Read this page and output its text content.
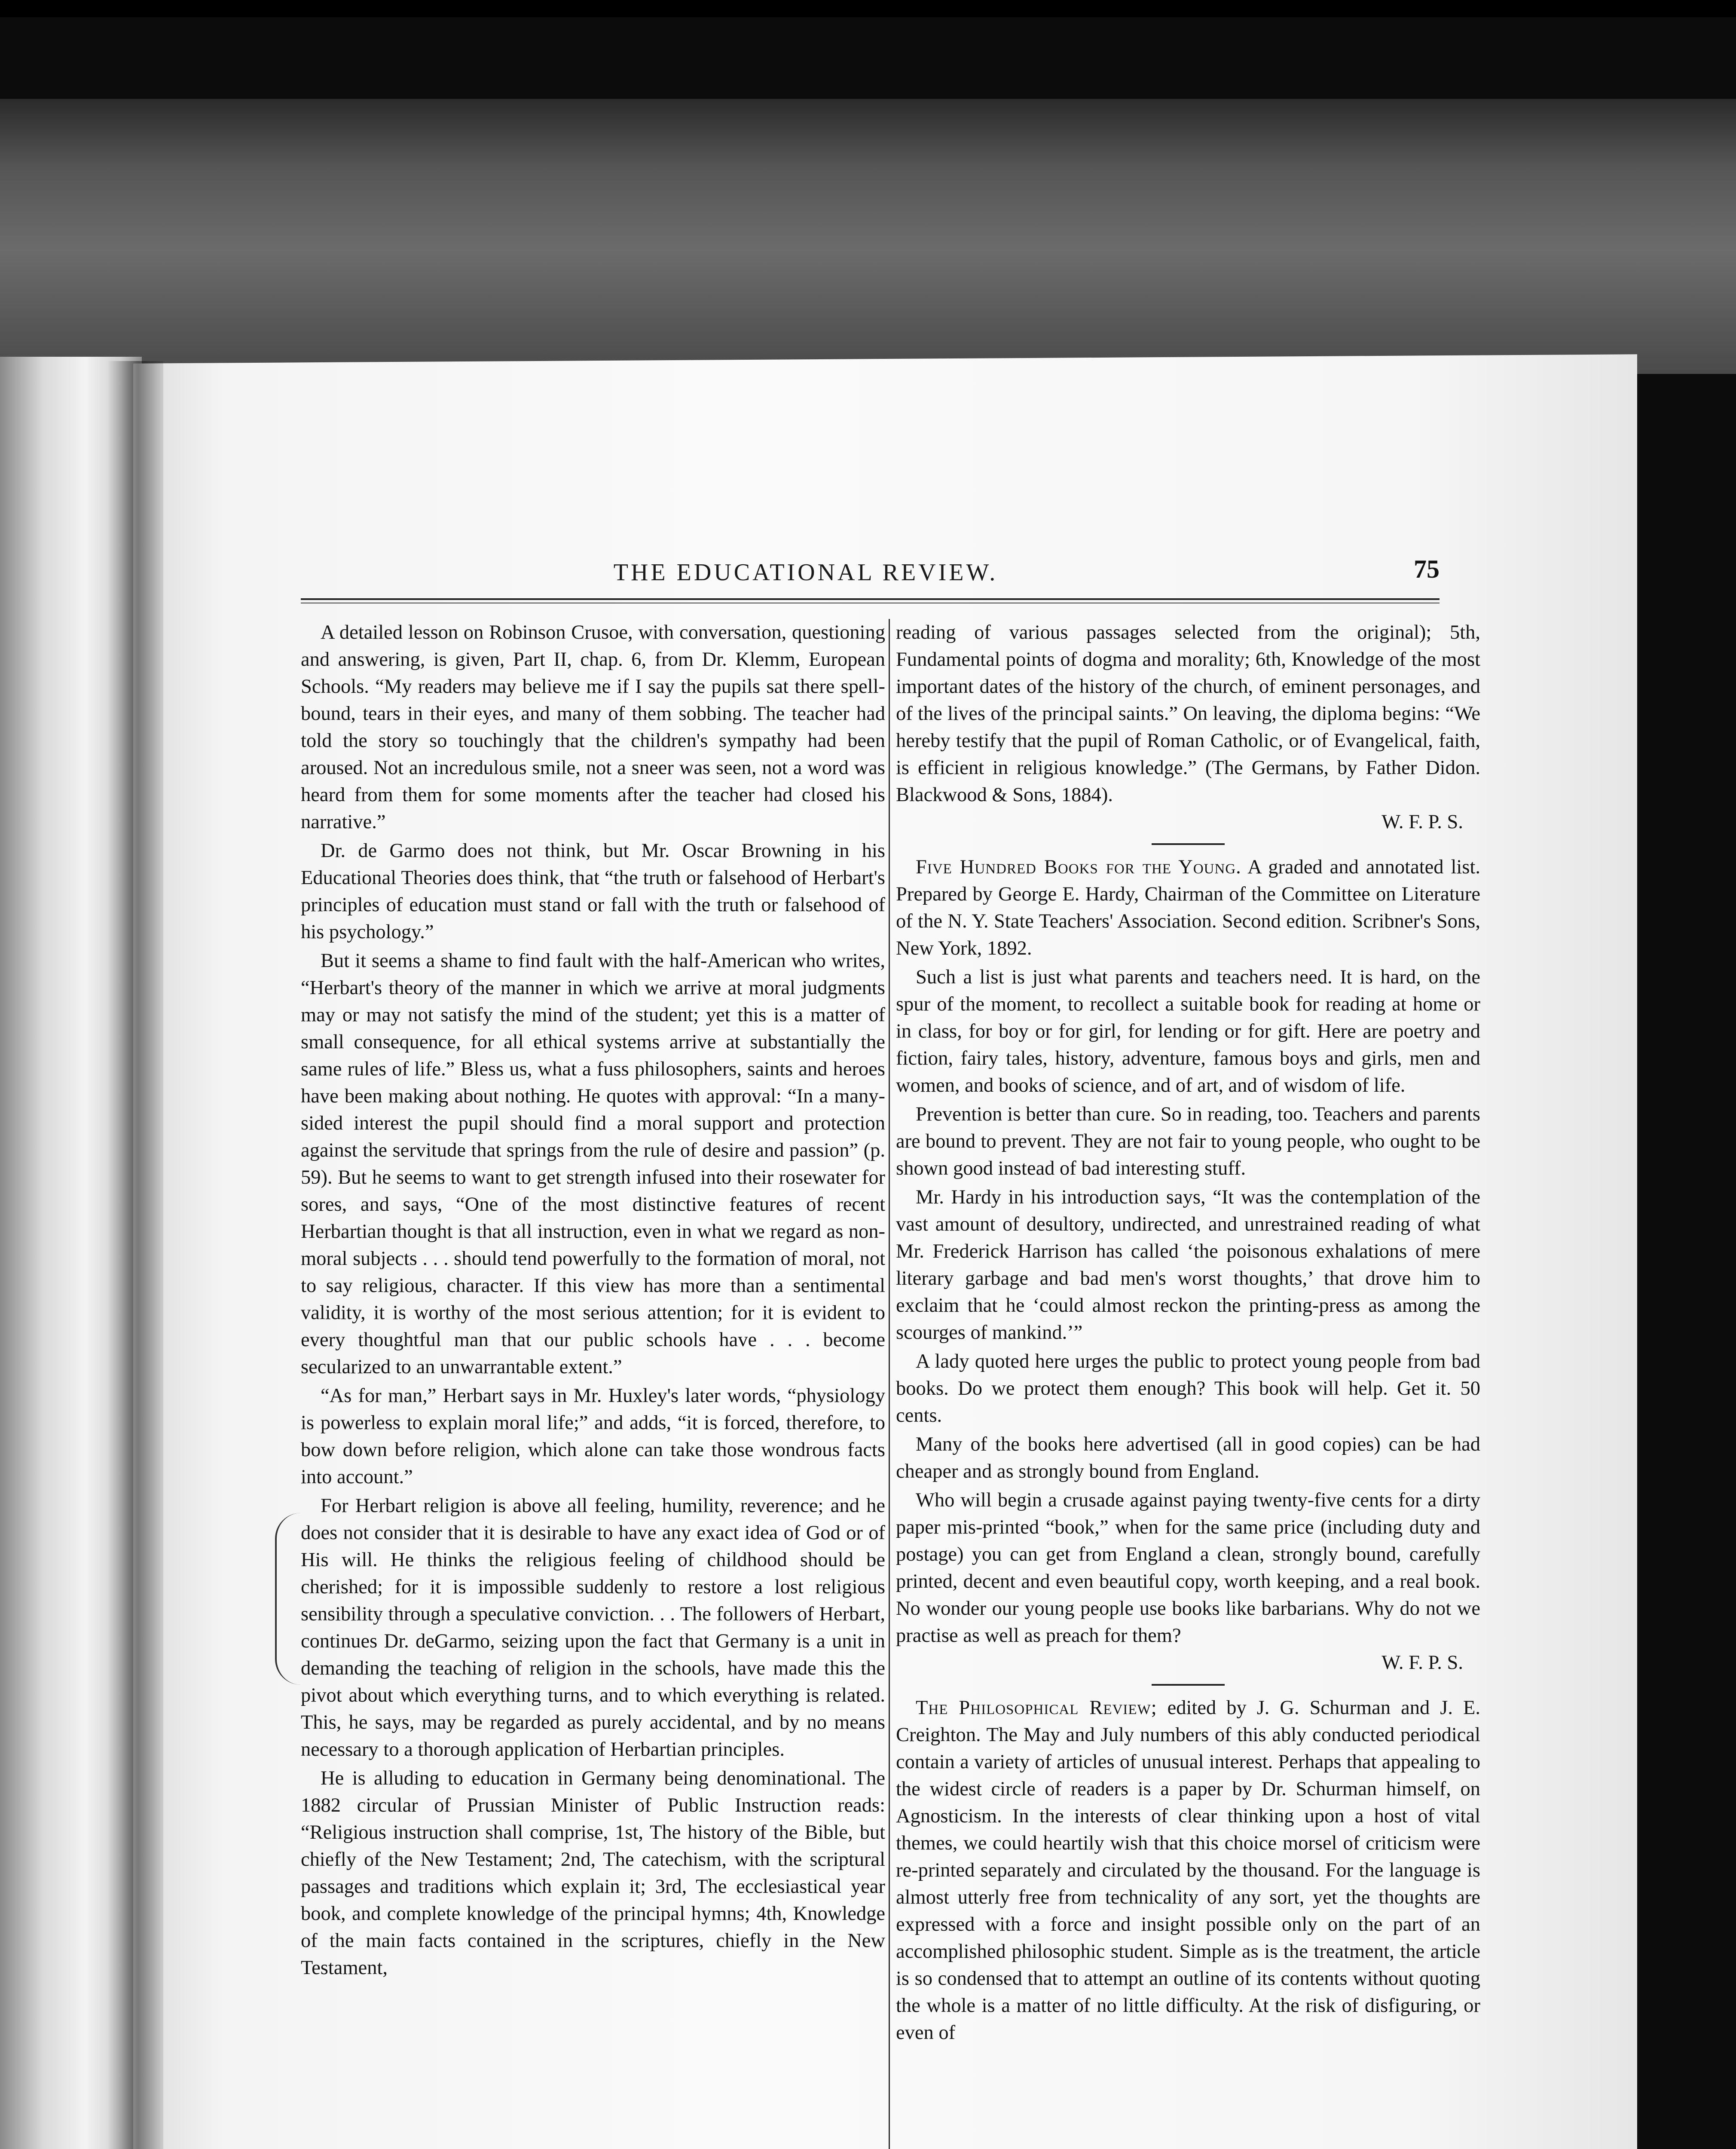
THE EDUCATIONAL REVIEW.	75

A detailed lesson on Robinson Crusoe, with conversation, questioning and answering, is given, Part II, chap. 6, from Dr. Klemm, European Schools. “My readers may believe me if I say the pupils sat there spell-bound, tears in their eyes, and many of them sobbing. The teacher had told the story so touchingly that the children's sympathy had been aroused. Not an incredulous smile, not a sneer was seen, not a word was heard from them for some moments after the teacher had closed his narrative.”

Dr. de Garmo does not think, but Mr. Oscar Browning in his Educational Theories does think, that “the truth or falsehood of Herbart's principles of education must stand or fall with the truth or falsehood of his psychology.”

But it seems a shame to find fault with the half-American who writes, “Herbart's theory of the manner in which we arrive at moral judgments may or may not satisfy the mind of the student; yet this is a matter of small consequence, for all ethical systems arrive at substantially the same rules of life.” Bless us, what a fuss philosophers, saints and heroes have been making about nothing. He quotes with approval: “In a many-sided interest the pupil should find a moral support and protection against the servitude that springs from the rule of desire and passion” (p. 59). But he seems to want to get strength infused into their rosewater for sores, and says, “One of the most distinctive features of recent Herbartian thought is that all instruction, even in what we regard as non-moral subjects . . . should tend powerfully to the formation of moral, not to say religious, character. If this view has more than a sentimental validity, it is worthy of the most serious attention; for it is evident to every thoughtful man that our public schools have . . . become secularized to an unwarrantable extent.”

“As for man,” Herbart says in Mr. Huxley's later words, “physiology is powerless to explain moral life;” and adds, “it is forced, therefore, to bow down before religion, which alone can take those wondrous facts into account.”

For Herbart religion is above all feeling, humility, reverence; and he does not consider that it is desirable to have any exact idea of God or of His will. He thinks the religious feeling of childhood should be cherished; for it is impossible suddenly to restore a lost religious sensibility through a speculative conviction. . . The followers of Herbart, continues Dr. deGarmo, seizing upon the fact that Germany is a unit in demanding the teaching of religion in the schools, have made this the pivot about which everything turns, and to which everything is related. This, he says, may be regarded as purely accidental, and by no means necessary to a thorough application of Herbartian principles.

He is alluding to education in Germany being denominational. The 1882 circular of Prussian Minister of Public Instruction reads: “Religious instruction shall comprise, 1st, The history of the Bible, but chiefly of the New Testament; 2nd, The catechism, with the scriptural passages and traditions which explain it; 3rd, The ecclesiastical year book, and complete knowledge of the principal hymns; 4th, Knowledge of the main facts contained in the scriptures, chiefly in the New Testament,

reading of various passages selected from the original); 5th, Fundamental points of dogma and morality; 6th, Knowledge of the most important dates of the history of the church, of eminent personages, and of the lives of the principal saints.” On leaving, the diploma begins: “We hereby testify that the pupil of Roman Catholic, or of Evangelical, faith, is efficient in religious knowledge.” (The Germans, by Father Didon. Blackwood & Sons, 1884).

W. F. P. S.

Five Hundred Books for the Young. A graded and annotated list. Prepared by George E. Hardy, Chairman of the Committee on Literature of the N. Y. State Teachers' Association. Second edition. Scribner's Sons, New York, 1892.

Such a list is just what parents and teachers need. It is hard, on the spur of the moment, to recollect a suitable book for reading at home or in class, for boy or for girl, for lending or for gift. Here are poetry and fiction, fairy tales, history, adventure, famous boys and girls, men and women, and books of science, and of art, and of wisdom of life.

Prevention is better than cure. So in reading, too. Teachers and parents are bound to prevent. They are not fair to young people, who ought to be shown good instead of bad interesting stuff.

Mr. Hardy in his introduction says, “It was the contemplation of the vast amount of desultory, undirected, and unrestrained reading of what Mr. Frederick Harrison has called ‘the poisonous exhalations of mere literary garbage and bad men's worst thoughts,’ that drove him to exclaim that he ‘could almost reckon the printing-press as among the scourges of mankind.’”

A lady quoted here urges the public to protect young people from bad books. Do we protect them enough? This book will help. Get it. 50 cents.

Many of the books here advertised (all in good copies) can be had cheaper and as strongly bound from England.

Who will begin a crusade against paying twenty-five cents for a dirty paper mis-printed “book,” when for the same price (including duty and postage) you can get from England a clean, strongly bound, carefully printed, decent and even beautiful copy, worth keeping, and a real book. No wonder our young people use books like barbarians. Why do not we practise as well as preach for them?

W. F. P. S.

The Philosophical Review; edited by J. G. Schurman and J. E. Creighton. The May and July numbers of this ably conducted periodical contain a variety of articles of unusual interest. Perhaps that appealing to the widest circle of readers is a paper by Dr. Schurman himself, on Agnosticism. In the interests of clear thinking upon a host of vital themes, we could heartily wish that this choice morsel of criticism were re-printed separately and circulated by the thousand. For the language is almost utterly free from technicality of any sort, yet the thoughts are expressed with a force and insight possible only on the part of an accomplished philosophic student. Simple as is the treatment, the article is so condensed that to attempt an outline of its contents without quoting the whole is a matter of no little difficulty. At the risk of disfiguring, or even of
